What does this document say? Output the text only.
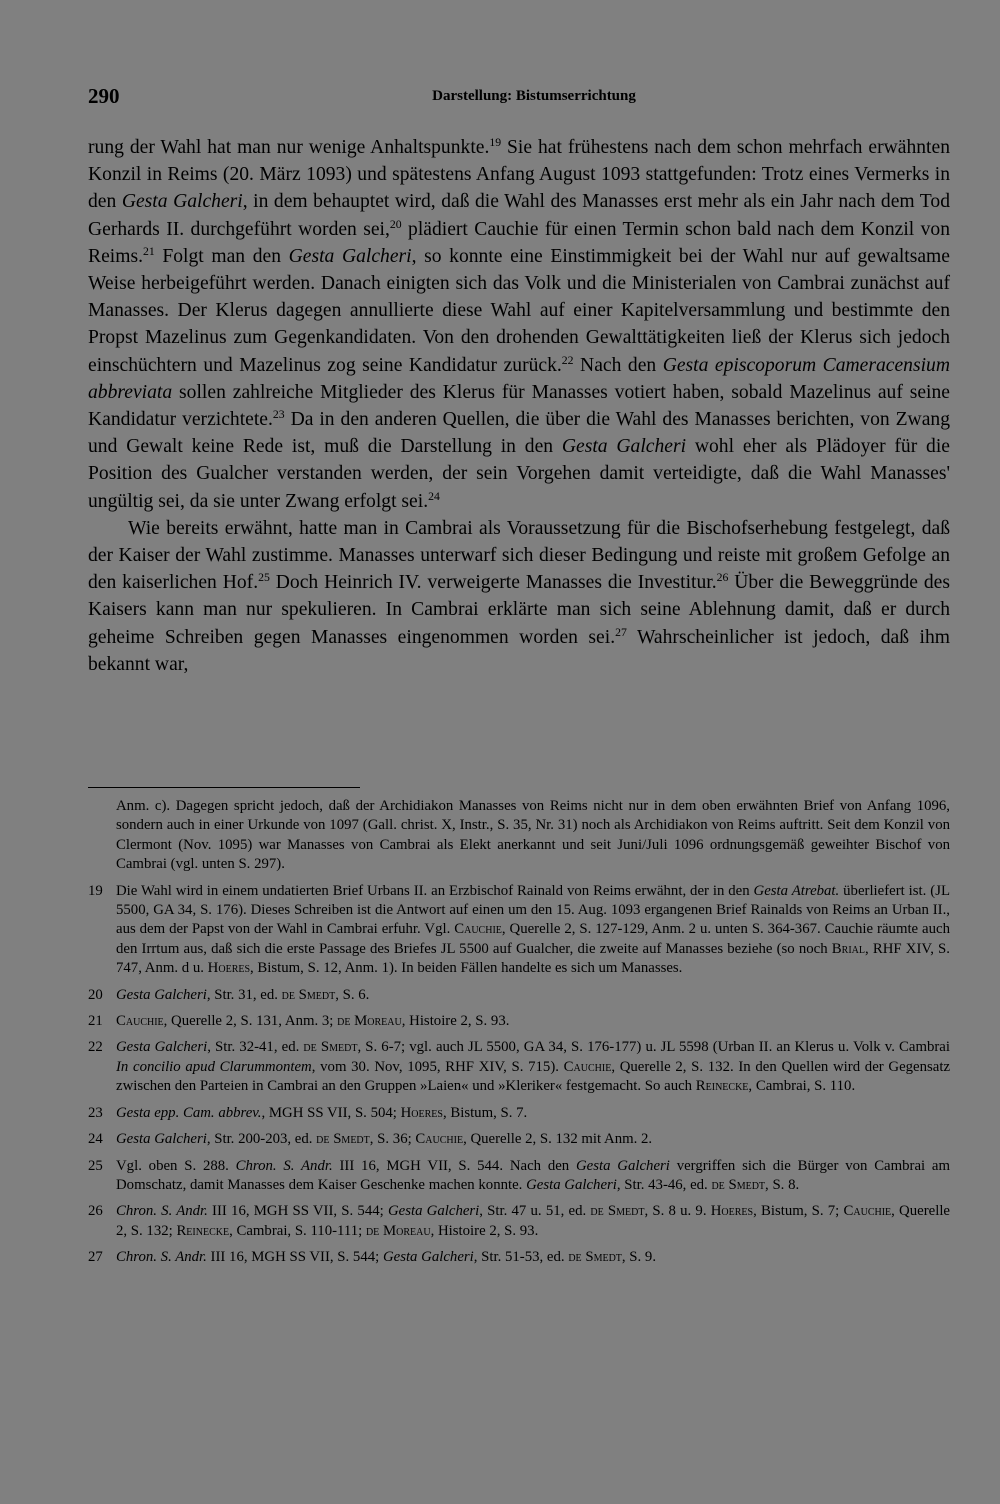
290	Darstellung: Bistumserrichtung

rung der Wahl hat man nur wenige Anhaltspunkte.$^{19}$ Sie hat frühestens nach dem schon mehrfach erwähnten Konzil in Reims (20. März 1093) und spätestens Anfang August 1093 stattgefunden: Trotz eines Vermerks in den Gesta Galcheri, in dem behauptet wird, daß die Wahl des Manasses erst mehr als ein Jahr nach dem Tod Gerhards II. durchgeführt worden sei,$^{20}$ plädiert Cauchie für einen Termin schon bald nach dem Konzil von Reims.$^{21}$ Folgt man den Gesta Galcheri, so konnte eine Einstimmigkeit bei der Wahl nur auf gewaltsame Weise herbeigeführt werden. Danach einigten sich das Volk und die Ministerialen von Cambrai zunächst auf Manasses. Der Klerus dagegen annullierte diese Wahl auf einer Kapitelversammlung und bestimmte den Propst Mazelinus zum Gegenkandidaten. Von den drohenden Gewalttätigkeiten ließ der Klerus sich jedoch einschüchtern und Mazelinus zog seine Kandidatur zurück.$^{22}$ Nach den Gesta episcoporum Cameracensium abbreviata sollen zahlreiche Mitglieder des Klerus für Manasses votiert haben, sobald Mazelinus auf seine Kandidatur verzichtete.$^{23}$ Da in den anderen Quellen, die über die Wahl des Manasses berichten, von Zwang und Gewalt keine Rede ist, muß die Darstellung in den Gesta Galcheri wohl eher als Plädoyer für die Position des Gualcher verstanden werden, der sein Vorgehen damit verteidigte, daß die Wahl Manasses' ungültig sei, da sie unter Zwang erfolgt sei.$^{24}$

Wie bereits erwähnt, hatte man in Cambrai als Voraussetzung für die Bischofserhebung festgelegt, daß der Kaiser der Wahl zustimme. Manasses unterwarf sich dieser Bedingung und reiste mit großem Gefolge an den kaiserlichen Hof.$^{25}$ Doch Heinrich IV. verweigerte Manasses die Investitur.$^{26}$ Über die Beweggründe des Kaisers kann man nur spekulieren. In Cambrai erklärte man sich seine Ablehnung damit, daß er durch geheime Schreiben gegen Manasses eingenommen worden sei.$^{27}$ Wahrscheinlicher ist jedoch, daß ihm bekannt war,

Anm. c). Dagegen spricht jedoch, daß der Archidiakon Manasses von Reims nicht nur in dem oben erwähnten Brief von Anfang 1096, sondern auch in einer Urkunde von 1097 (Gall. christ. X, Instr., S. 35, Nr. 31) noch als Archidiakon von Reims auftritt. Seit dem Konzil von Clermont (Nov. 1095) war Manasses von Cambrai als Elekt anerkannt und seit Juni/Juli 1096 ordnungsgemäß geweihter Bischof von Cambrai (vgl. unten S. 297).
19 Die Wahl wird in einem undatierten Brief Urbans II. an Erzbischof Rainald von Reims erwähnt, der in den Gesta Atrebat. überliefert ist. (JL 5500, GA 34, S. 176). Dieses Schreiben ist die Antwort auf einen um den 15. Aug. 1093 ergangenen Brief Rainalds von Reims an Urban II., aus dem der Papst von der Wahl in Cambrai erfuhr. Vgl. Cauchie, Querelle 2, S. 127-129, Anm. 2 u. unten S. 364-367. Cauchie räumte auch den Irrtum aus, daß sich die erste Passage des Briefes JL 5500 auf Gualcher, die zweite auf Manasses beziehe (so noch Brial, RHF XIV, S. 747, Anm. d u. Hoeres, Bistum, S. 12, Anm. 1). In beiden Fällen handelte es sich um Manasses.
20 Gesta Galcheri, Str. 31, ed. de Smedt, S. 6.
21 Cauchie, Querelle 2, S. 131, Anm. 3; de Moreau, Histoire 2, S. 93.
22 Gesta Galcheri, Str. 32-41, ed. de Smedt, S. 6-7; vgl. auch JL 5500, GA 34, S. 176-177) u. JL 5598 (Urban II. an Klerus u. Volk v. Cambrai In concilio apud Clarummontem, vom 30. Nov, 1095, RHF XIV, S. 715). Cauchie, Querelle 2, S. 132. In den Quellen wird der Gegensatz zwischen den Parteien in Cambrai an den Gruppen »Laien« und »Kleriker« festgemacht. So auch Reinecke, Cambrai, S. 110.
23 Gesta epp. Cam. abbrev., MGH SS VII, S. 504; Hoeres, Bistum, S. 7.
24 Gesta Galcheri, Str. 200-203, ed. de Smedt, S. 36; Cauchie, Querelle 2, S. 132 mit Anm. 2.
25 Vgl. oben S. 288. Chron. S. Andr. III 16, MGH VII, S. 544. Nach den Gesta Galcheri vergriffen sich die Bürger von Cambrai am Domschatz, damit Manasses dem Kaiser Geschenke machen konnte. Gesta Galcheri, Str. 43-46, ed. de Smedt, S. 8.
26 Chron. S. Andr. III 16, MGH SS VII, S. 544; Gesta Galcheri, Str. 47 u. 51, ed. de Smedt, S. 8 u. 9. Hoeres, Bistum, S. 7; Cauchie, Querelle 2, S. 132; Reinecke, Cambrai, S. 110-111; de Moreau, Histoire 2, S. 93.
27 Chron. S. Andr. III 16, MGH SS VII, S. 544; Gesta Galcheri, Str. 51-53, ed. de Smedt, S. 9.
